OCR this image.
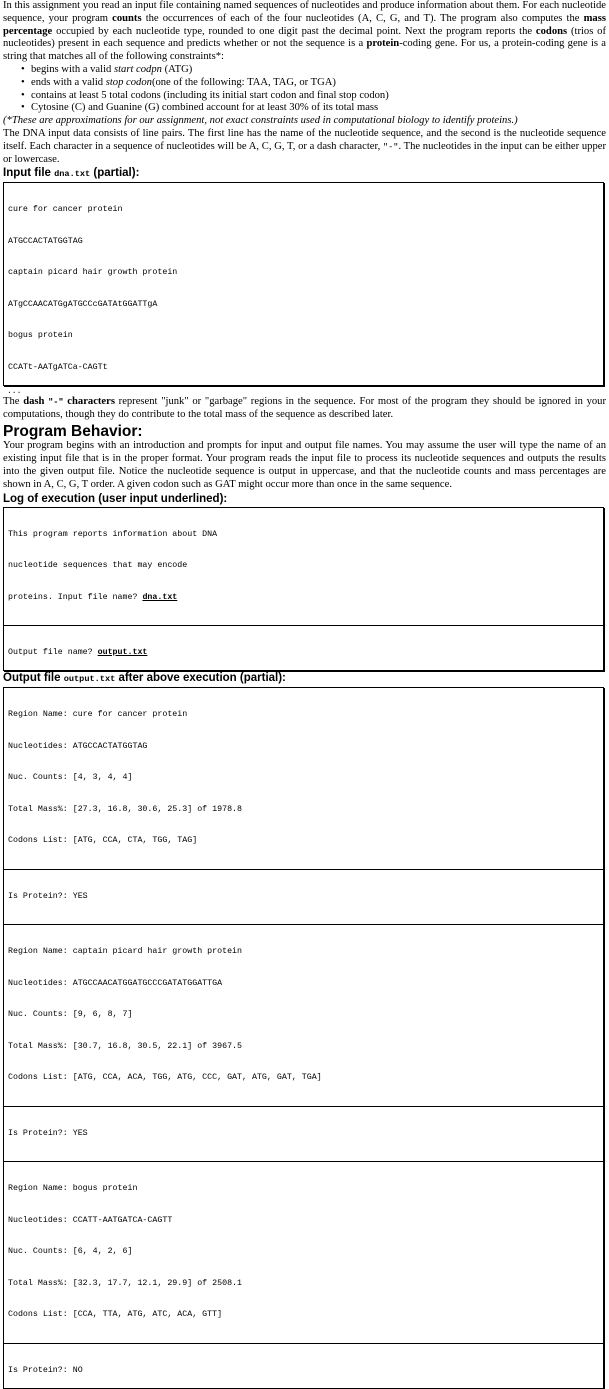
In this assignment you read an input file containing named sequences of nucleotides and produce information about them. For each nucleotide sequence, your program counts the occurrences of each of the four nucleotides (A, C, G, and T). The program also computes the mass percentage occupied by each nucleotide type, rounded to one digit past the decimal point. Next the program reports the codons (trios of nucleotides) present in each sequence and predicts whether or not the sequence is a protein-coding gene. For us, a protein-coding gene is a string that matches all of the following constraints*:

• begins with a valid start codpn (ATG)
• ends with a valid stop codon(one of the following: TAA, TAG, or TGA)
• contains at least 5 total codons (including its initial start codon and final stop codon)
• Cytosine (C) and Guanine (G) combined account for at least 30% of its total mass

(*These are approximations for our assignment, not exact constraints used in computational biology to identify proteins.)

The DNA input data consists of line pairs. The first line has the name of the nucleotide sequence, and the second is the nucleotide sequence itself. Each character in a sequence of nucleotides will be A, C, G, T, or a dash character, "-". The nucleotides in the input can be either upper or lowercase.

Input file dna.txt (partial):

cure for cancer protein

ATGCCACTATGGTAG

captain picard hair growth protein

ATgCCAACATGgATGCCcGATAtGGATTgA

bogus protein

CCATt-AATgATCa-CAGTt

...

The dash "-" characters represent "junk" or "garbage" regions in the sequence. For most of the program they should be ignored in your computations, though they do contribute to the total mass of the sequence as described later.

Program Behavior:

Your program begins with an introduction and prompts for input and output file names. You may assume the user will type the name of an existing input file that is in the proper format. Your program reads the input file to process its nucleotide sequences and outputs the results into the given output file. Notice the nucleotide sequence is output in uppercase, and that the nucleotide counts and mass percentages are shown in A, C, G, T order. A given codon such as GAT might occur more than once in the same sequence.

Log of execution (user input underlined):

This program reports information about DNA

nucleotide sequences that may encode

proteins. Input file name? dna.txt

Output file name? output.txt

Output file output.txt after above execution (partial):

Region Name: cure for cancer protein

Nucleotides: ATGCCACTATGGTAG

Nuc. Counts: [4, 3, 4, 4]

Total Mass%: [27.3, 16.8, 30.6, 25.3] of 1978.8

Codons List: [ATG, CCA, CTA, TGG, TAG]

Is Protein?: YES

Region Name: captain picard hair growth protein

Nucleotides: ATGCCAACATGGATGCCCGATATGGATTGA

Nuc. Counts: [9, 6, 8, 7]

Total Mass%: [30.7, 16.8, 30.5, 22.1] of 3967.5

Codons List: [ATG, CCA, ACA, TGG, ATG, CCC, GAT, ATG, GAT, TGA]

Is Protein?: YES

Region Name: bogus protein

Nucleotides: CCATT-AATGATCA-CAGTT

Nuc. Counts: [6, 4, 2, 6]

Total Mass%: [32.3, 17.7, 12.1, 29.9] of 2508.1

Codons List: [CCA, TTA, ATG, ATC, ACA, GTT]

Is Protein?: NO
